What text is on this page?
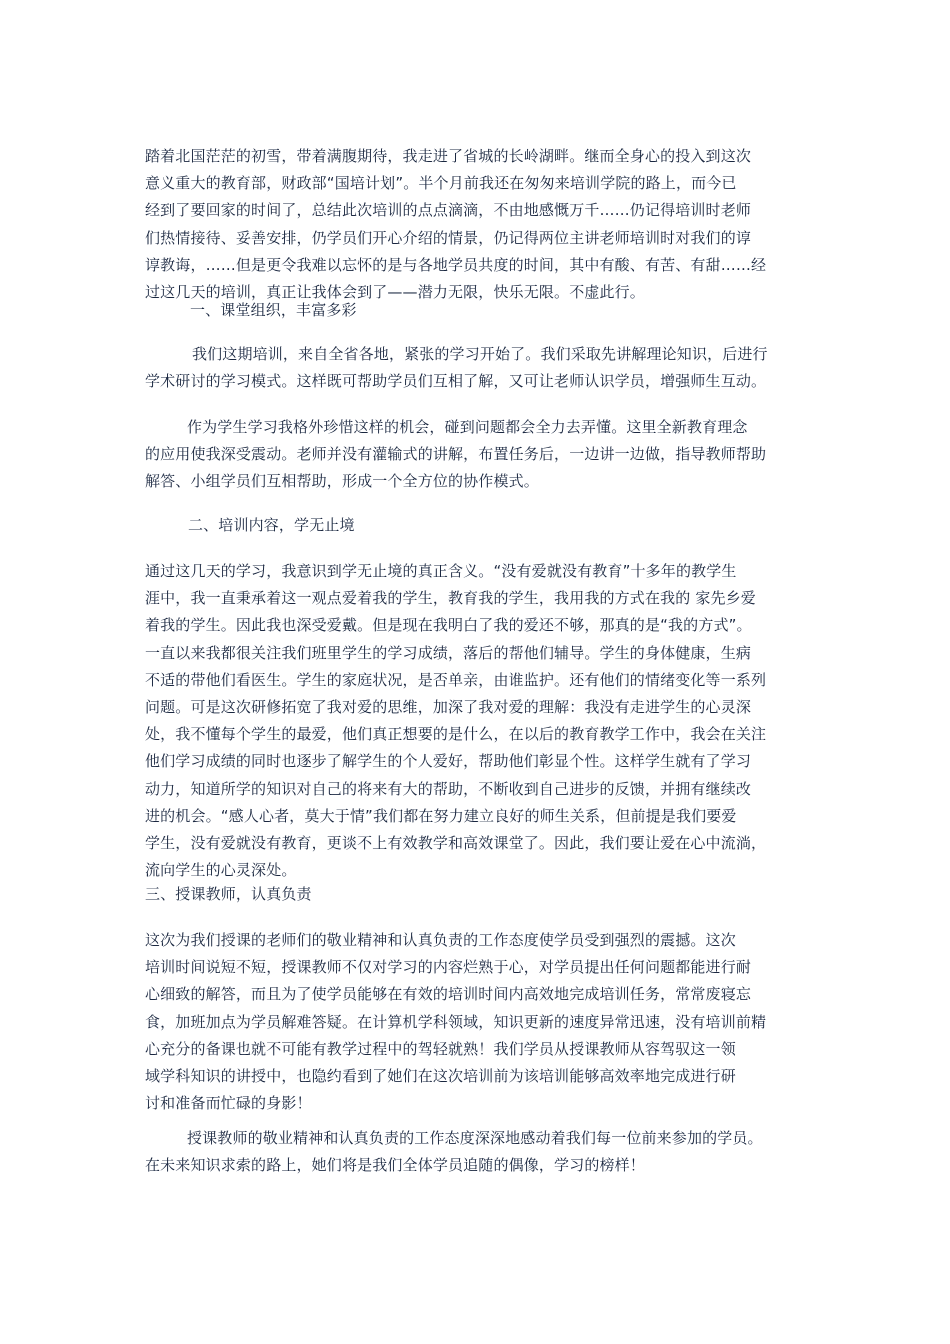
踏着北国茫茫的初雪，带着满腹期待，我走进了省城的长岭湖畔。继而全身心的投入到这次
意义重大的教育部，财政部“国培计划”。半个月前我还在匆匆来培训学院的路上，而今已
经到了要回家的时间了，总结此次培训的点点滴滴，不由地感慨万千……仍记得培训时老师
们热情接待、妥善安排，仍学员们开心介绍的情景，仍记得两位主讲老师培训时对我们的谆
谆教诲，……但是更令我难以忘怀的是与各地学员共度的时间，其中有酸、有苦、有甜……经
过这几天的培训，真正让我体会到了——潜力无限，快乐无限。不虚此行。

一、课堂组织，丰富多彩

我们这期培训，来自全省各地，紧张的学习开始了。我们采取先讲解理论知识，后进行
学术研讨的学习模式。这样既可帮助学员们互相了解，又可让老师认识学员，增强师生互动。

作为学生学习我格外珍惜这样的机会，碰到问题都会全力去弄懂。这里全新教育理念
的应用使我深受震动。老师并没有灌输式的讲解，布置任务后，一边讲一边做，指导教师帮助
解答、小组学员们互相帮助，形成一个全方位的协作模式。

二、培训内容，学无止境

通过这几天的学习，我意识到学无止境的真正含义。“没有爱就没有教育”十多年的教学生
涯中，我一直秉承着这一观点爱着我的学生，教育我的学生，我用我的方式在我的 家先乡爱
着我的学生。因此我也深受爱戴。但是现在我明白了我的爱还不够，那真的是“我的方式”。
一直以来我都很关注我们班里学生的学习成绩，落后的帮他们辅导。学生的身体健康，生病
不适的带他们看医生。学生的家庭状况，是否单亲，由谁监护。还有他们的情绪变化等一系列
问题。可是这次研修拓宽了我对爱的思维，加深了我对爱的理解：我没有走进学生的心灵深
处，我不懂每个学生的最爱，他们真正想要的是什么，在以后的教育教学工作中，我会在关注
他们学习成绩的同时也逐步了解学生的个人爱好，帮助他们彰显个性。这样学生就有了学习
动力，知道所学的知识对自己的将来有大的帮助，不断收到自己进步的反馈，并拥有继续改
进的机会。“感人心者，莫大于情”我们都在努力建立良好的师生关系，但前提是我们要爱
学生，没有爱就没有教育，更谈不上有效教学和高效课堂了。因此，我们要让爱在心中流淌，
流向学生的心灵深处。

三、授课教师，认真负责

这次为我们授课的老师们的敬业精神和认真负责的工作态度使学员受到强烈的震撼。这次
培训时间说短不短，授课教师不仅对学习的内容烂熟于心，对学员提出任何问题都能进行耐
心细致的解答，而且为了使学员能够在有效的培训时间内高效地完成培训任务，常常废寝忘
食，加班加点为学员解难答疑。在计算机学科领域，知识更新的速度异常迅速，没有培训前精
心充分的备课也就不可能有教学过程中的驾轻就熟！我们学员从授课教师从容驾驭这一领
域学科知识的讲授中，也隐约看到了她们在这次培训前为该培训能够高效率地完成进行研
讨和准备而忙碌的身影！

授课教师的敬业精神和认真负责的工作态度深深地感动着我们每一位前来参加的学员。
在未来知识求索的路上，她们将是我们全体学员追随的偶像，学习的榜样！
